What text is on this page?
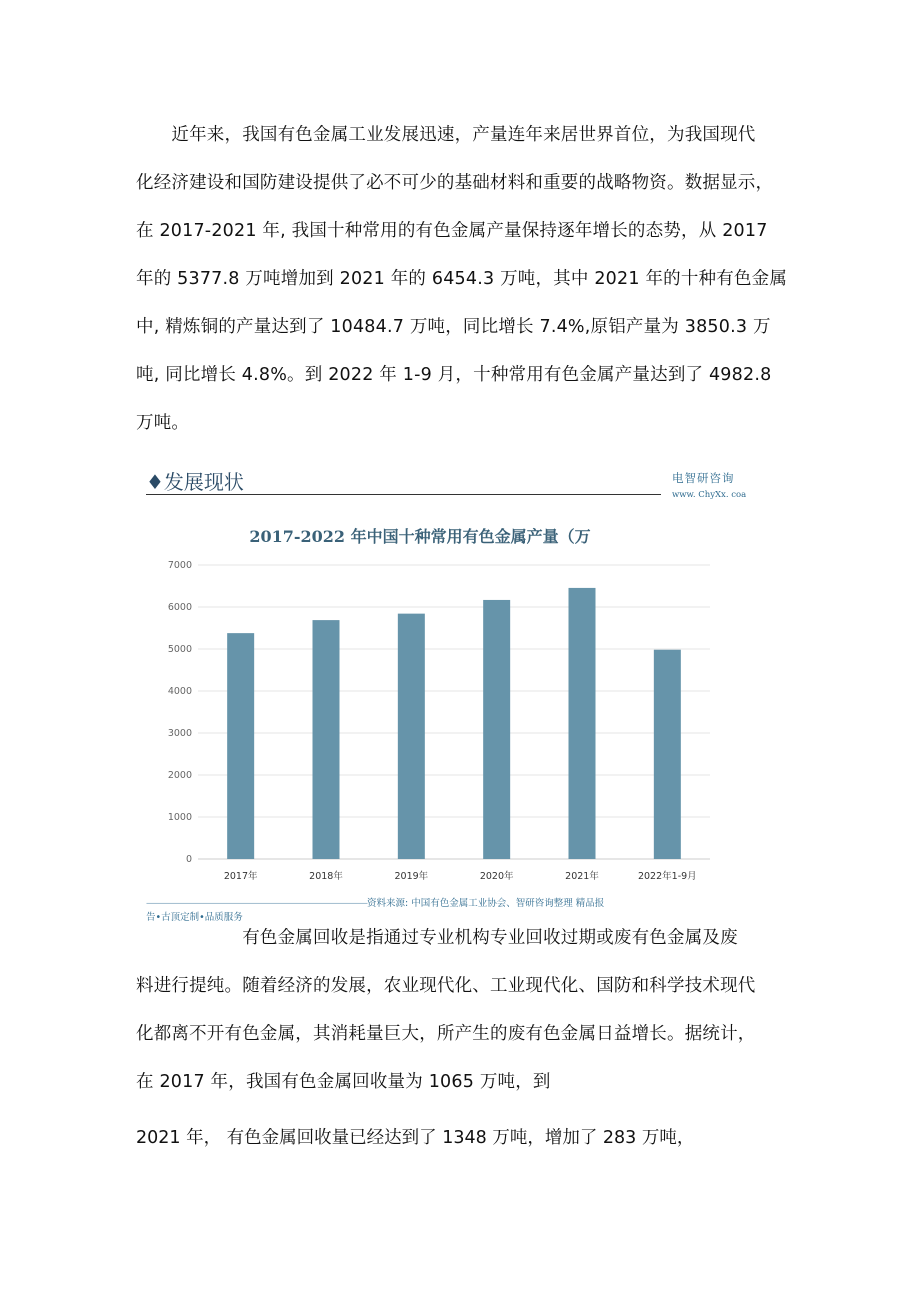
　　近年来，我国有色金属工业发展迅速，产量连年来居世界首位，为我国现代
化经济建设和国防建设提供了必不可少的基础材料和重要的战略物资。数据显示，
在 2017-2021 年, 我国十种常用的有色金属产量保持逐年增长的态势，从 2017
年的 5377.8 万吨增加到 2021 年的 6454.3 万吨，其中 2021 年的十种有色金属
中, 精炼铜的产量达到了 10484.7 万吨，同比增长 7.4%,原铝产量为 3850.3 万
吨, 同比增长 4.8%。到 2022 年 1-9 月，十种常用有色金属产量达到了 4982.8
万吨。
♦发展现状	电智研咨询
www. ChyXx. coa
2017-2022 年中国十种常用有色金属产量（万
0
1000
2000
3000
4000
5000
6000
7000
2017年	2018年	2019年	2020年	2021年	2022年1-9月
——————————————————————————资料来源: 中国有色金属工业协会、智研咨询整理 精品报
告•古顶定制•品质服务
　　　　　　有色金属回收是指通过专业机构专业回收过期或废有色金属及废
料进行提纯。随着经济的发展，农业现代化、工业现代化、国防和科学技术现代
化都离不开有色金属，其消耗量巨大，所产生的废有色金属日益增长。据统计，
在 2017 年，我国有色金属回收量为 1065 万吨，到
2021 年， 有色金属回收量已经达到了 1348 万吨，增加了 283 万吨，
